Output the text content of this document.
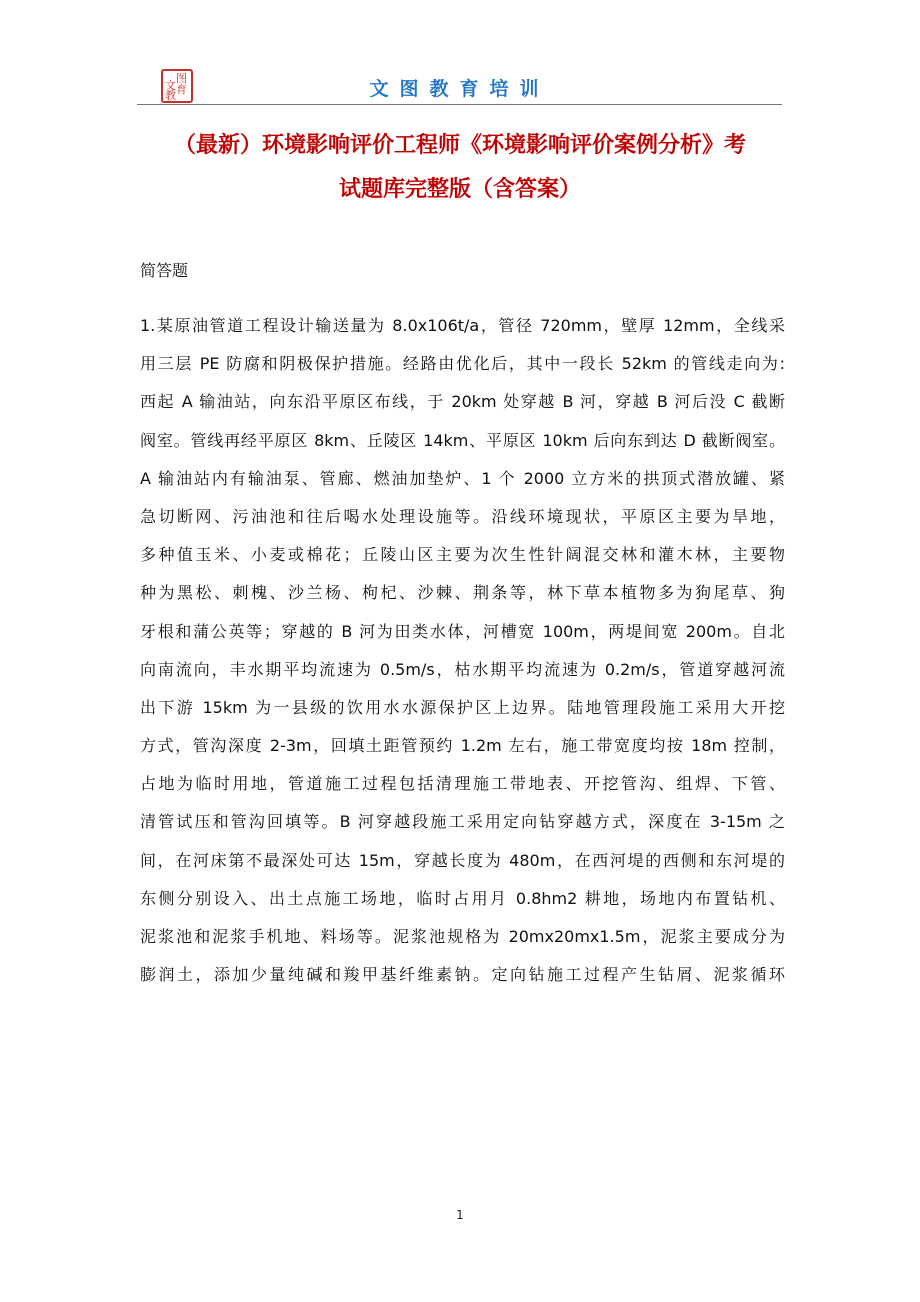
图
文 育
教	文图教育培训
（最新）环境影响评价工程师《环境影响评价案例分析》考
试题库完整版（含答案）
简答题
1.某原油管道工程设计输送量为 8.0x106t/a，管径 720mm，壁厚 12mm，全线采
用三层 PE 防腐和阴极保护措施。经路由优化后，其中一段长 52km 的管线走向为:
西起 A 输油站，向东沿平原区布线，于 20km 处穿越 B 河，穿越 B 河后没 C 截断
阀室。管线再经平原区 8km、丘陵区 14km、平原区 10km 后向东到达 D 截断阀室。
A 输油站内有输油泵、管廊、燃油加垫炉、1 个 2000 立方米的拱顶式潜放罐、紧
急切断网、污油池和往后喝水处理设施等。沿线环境现状，平原区主要为旱地，
多种值玉米、小麦或棉花；丘陵山区主要为次生性针阔混交林和灌木林，主要物
种为黑松、刺槐、沙兰杨、枸杞、沙棘、荆条等，林下草本植物多为狗尾草、狗
牙根和蒲公英等；穿越的 B 河为田类水体，河槽宽 100m，两堤间宽 200m。自北
向南流向，丰水期平均流速为 0.5m/s，枯水期平均流速为 0.2m/s，管道穿越河流
出下游 15km 为一县级的饮用水水源保护区上边界。陆地管理段施工采用大开挖
方式，管沟深度 2-3m，回填土距管预约 1.2m 左右，施工带宽度均按 18m 控制，
占地为临时用地，管道施工过程包括清理施工带地表、开挖管沟、组焊、下管、
清管试压和管沟回填等。B 河穿越段施工采用定向钻穿越方式，深度在 3-15m 之
间，在河床第不最深处可达 15m，穿越长度为 480m，在西河堤的西侧和东河堤的
东侧分别设入、出土点施工场地，临时占用月 0.8hm2 耕地，场地内布置钻机、
泥浆池和泥浆手机地、料场等。泥浆池规格为 20mx20mx1.5m，泥浆主要成分为
膨润土，添加少量纯碱和羧甲基纤维素钠。定向钻施工过程产生钻屑、泥浆循环
1
